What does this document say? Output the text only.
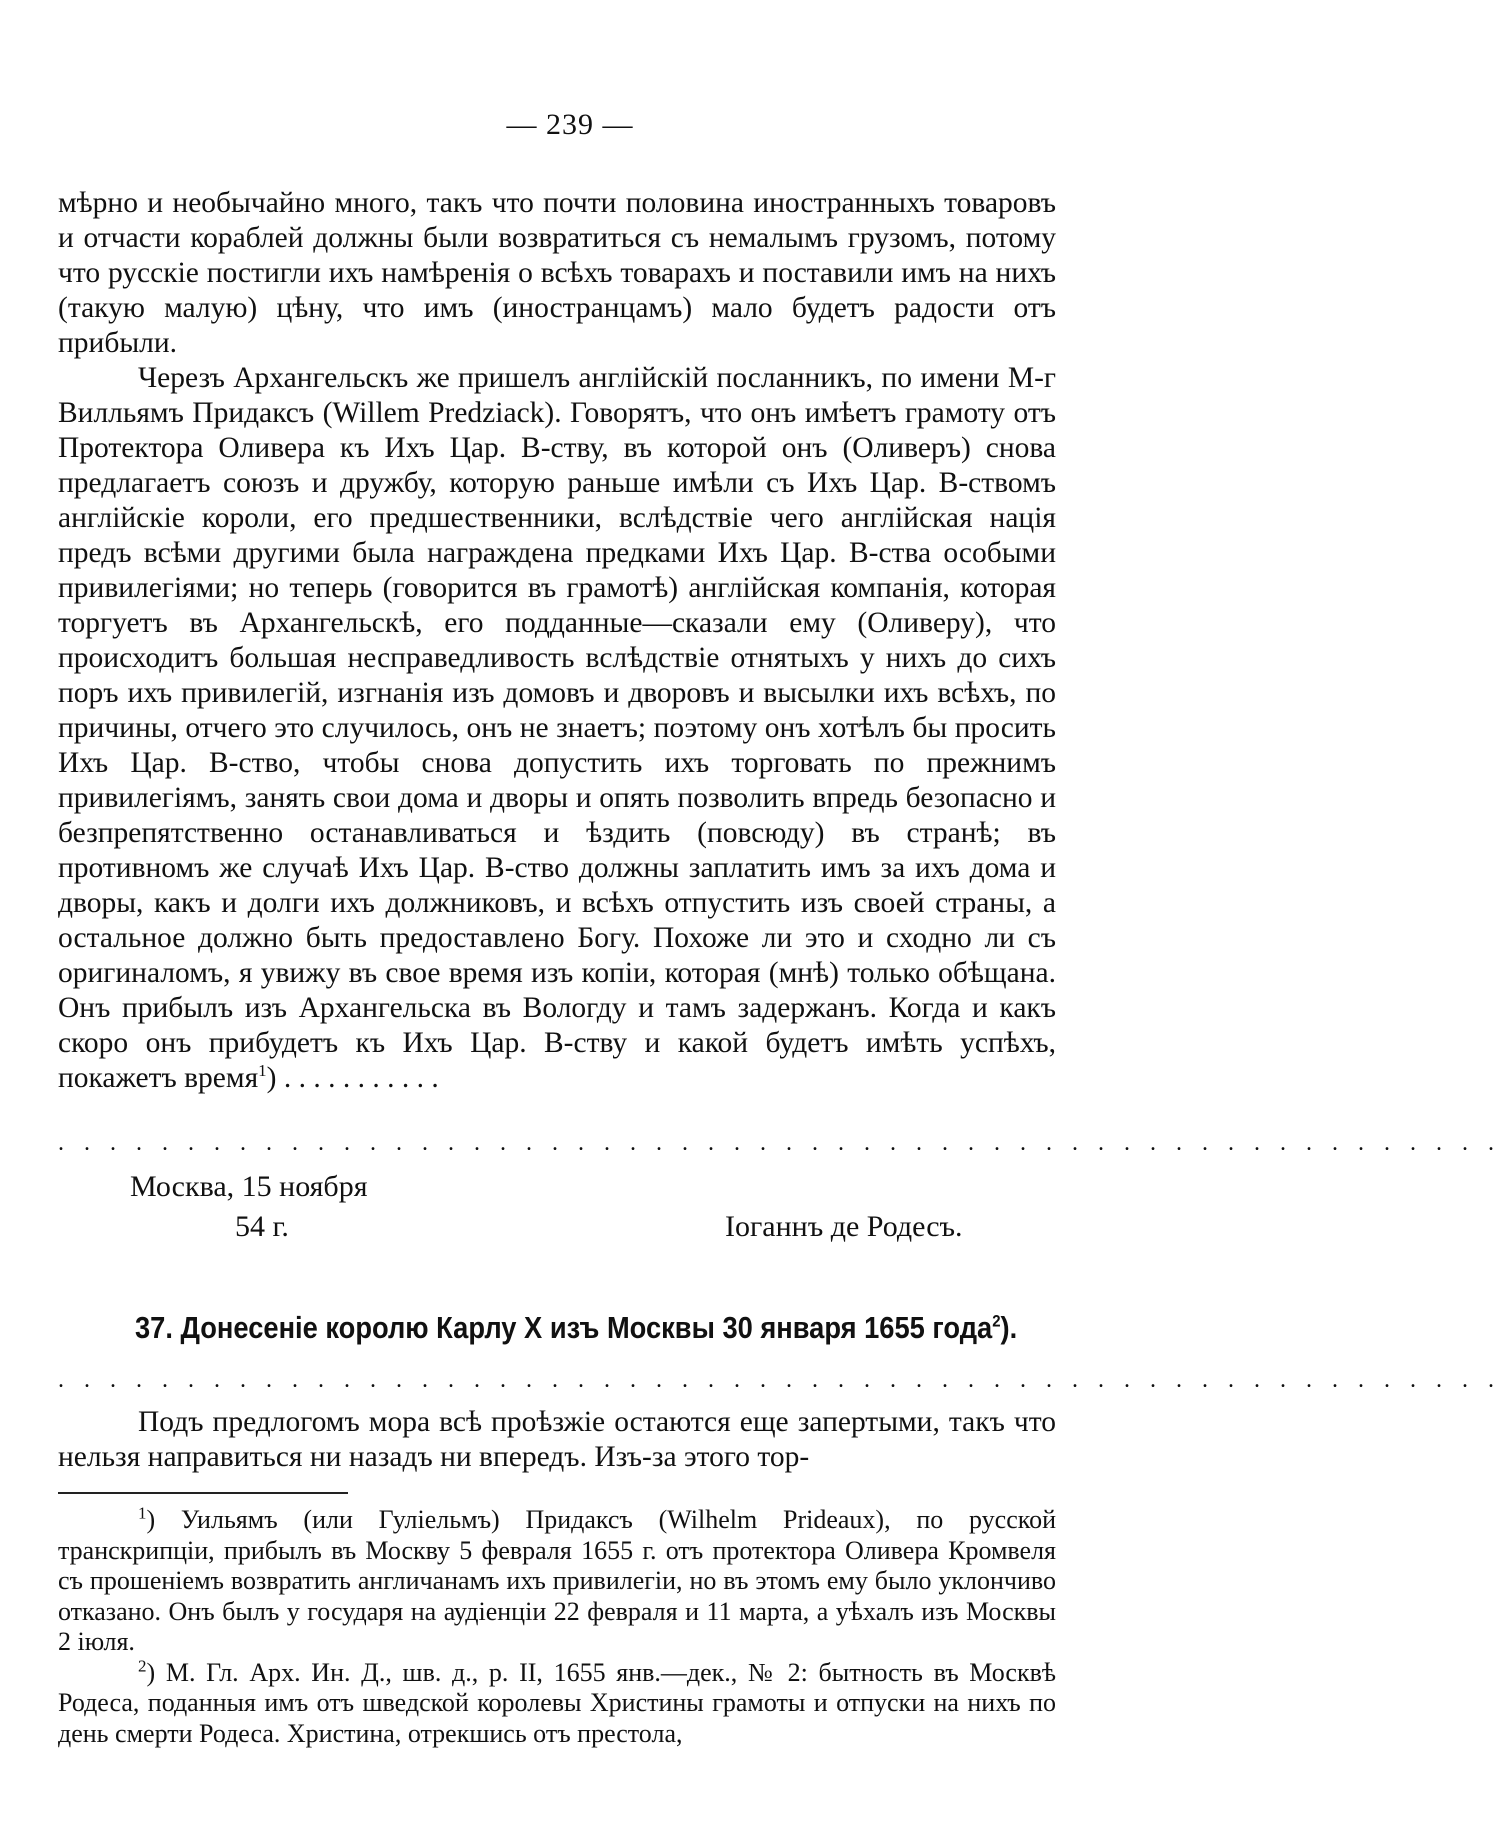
— 239 —

мѣрно и необычайно много, такъ что почти половина иностранныхъ товаровъ и отчасти кораблей должны были возвратиться съ немалымъ грузомъ, потому что русскіе постигли ихъ намѣренія о всѣхъ товарахъ и поставили имъ на нихъ (такую малую) цѣну, что имъ (иностранцамъ) мало будетъ радости отъ прибыли.

Черезъ Архангельскъ же пришелъ англійскій посланникъ, по имени М-г Вилльямъ Придаксъ (Willem Predziack). Говорятъ, что онъ имѣетъ грамоту отъ Протектора Оливера къ Ихъ Цар. В-ству, въ которой онъ (Оливеръ) снова предлагаетъ союзъ и дружбу, которую раньше имѣли съ Ихъ Цар. В-ствомъ англійскіе короли, его предшественники, вслѣдствіе чего англійская нація предъ всѣми другими была награждена предками Ихъ Цар. В-ства особыми привилегіями; но теперь (говорится въ грамотѣ) англійская компанія, которая торгуетъ въ Архангельскѣ, его подданные—сказали ему (Оливеру), что происходитъ большая несправедливость вслѣдствіе отнятыхъ у нихъ до сихъ поръ ихъ привилегій, изгнанія изъ домовъ и дворовъ и высылки ихъ всѣхъ, по причины, отчего это случилось, онъ не знаетъ; поэтому онъ хотѣлъ бы просить Ихъ Цар. В-ство, чтобы снова допустить ихъ торговать по прежнимъ привилегіямъ, занять свои дома и дворы и опять позволить впредь безопасно и безпрепятственно останавливаться и ѣздить (повсюду) въ странѣ; въ противномъ же случаѣ Ихъ Цар. В-ство должны заплатить имъ за ихъ дома и дворы, какъ и долги ихъ должниковъ, и всѣхъ отпустить изъ своей страны, а остальное должно быть предоставлено Богу. Похоже ли это и сходно ли съ оригиналомъ, я увижу въ свое время изъ копіи, которая (мнѣ) только обѣщана. Онъ прибылъ изъ Архангельска въ Вологду и тамъ задержанъ. Когда и какъ скоро онъ прибудетъ къ Ихъ Цар. В-ству и какой будетъ имѣть успѣхъ, покажетъ время$^1$) . . . . . . . . . . .

. . . . . . . . . . . . . . . . . . . . . . . . . . . . . . . . . . . . . . . . . . . . . . . . . . . . . . . .
Москва, 15 ноября
54 г.	Іоганнъ де Родесъ.
37. Донесеніе королю Карлу X изъ Москвы 30 января 1655 года$^2$).
. . . . . . . . . . . . . . . . . . . . . . . . . . . . . . . . . . . . . . . . . . . . . . . . . . . . . . . .

Подъ предлогомъ мора всѣ проѣзжіе остаются еще запертыми, такъ что нельзя направиться ни назадъ ни впередъ. Изъ-за этого тор-

$^1$) Уильямъ (или Гуліельмъ) Придаксъ (Wilhelm Prideaux), по русской транскрипціи, прибылъ въ Москву 5 февраля 1655 г. отъ протектора Оливера Кромвеля съ прошеніемъ возвратить англичанамъ ихъ привилегіи, но въ этомъ ему было уклончиво отказано. Онъ былъ у государя на аудіенціи 22 февраля и 11 марта, а уѣхалъ изъ Москвы 2 іюля.

$^2$) М. Гл. Арх. Ин. Д., шв. д., р. II, 1655 янв.—дек., № 2: бытность въ Москвѣ Родеса, поданныя имъ отъ шведской королевы Христины грамоты и отпуски на нихъ по день смерти Родеса. Христина, отрекшись отъ престола,
